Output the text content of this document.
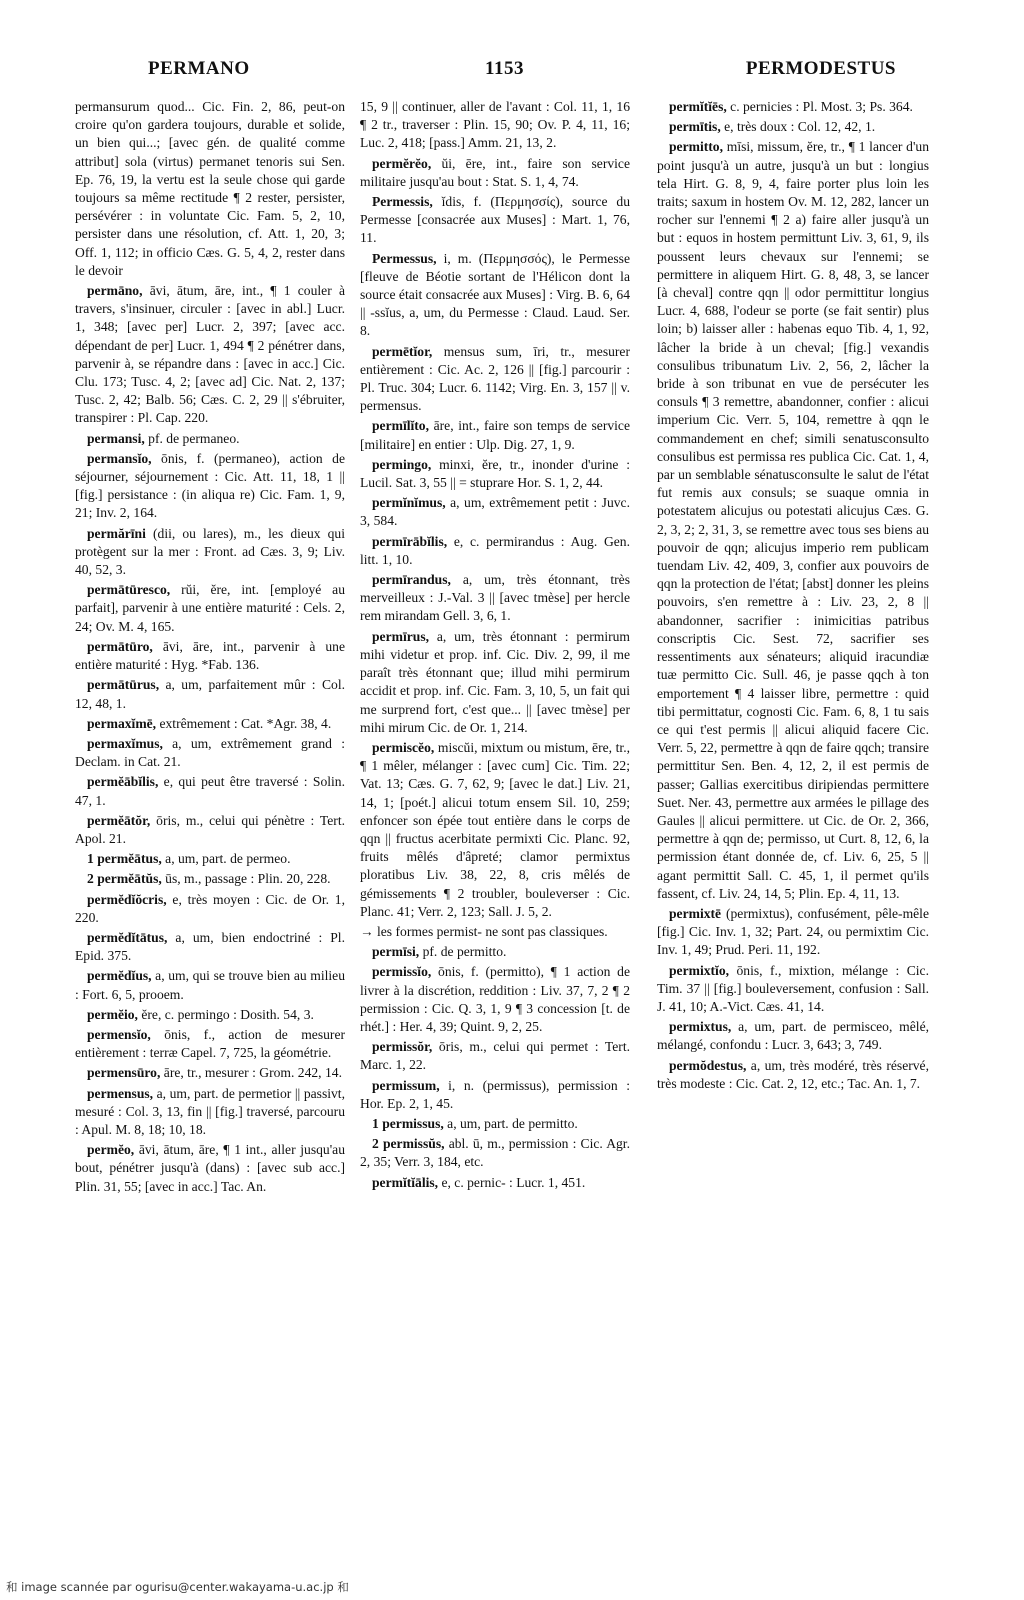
PERMANO	1153	PERMODESTUS

permansurum quod... Cic. Fin. 2, 86, peut-on croire qu'on gardera toujours, durable et solide, un bien qui...; [avec gén. de qualité comme attribut] sola (virtus) permanet tenoris sui Sen. Ep. 76, 19, la vertu est la seule chose qui garde toujours sa même rectitude ¶ 2 rester, persister, persévérer : in voluntate Cic. Fam. 5, 2, 10, persister dans une résolution, cf. Att. 1, 20, 3; Off. 1, 112; in officio Cæs. G. 5, 4, 2, rester dans le devoir

permāno, āvi, ātum, āre, int., ¶ 1 couler à travers, s'insinuer, circuler : [avec in abl.] Lucr. 1, 348; [avec per] Lucr. 2, 397; [avec acc. dépendant de per] Lucr. 1, 494 ¶ 2 pénétrer dans, parvenir à, se répandre dans : [avec in acc.] Cic. Clu. 173; Tusc. 4, 2; [avec ad] Cic. Nat. 2, 137; Tusc. 2, 42; Balb. 56; Cæs. C. 2, 29 || s'ébruiter, transpirer : Pl. Cap. 220.

permansi, pf. de permaneo.

permansĭo, ōnis, f. (permaneo), action de séjourner, séjournement : Cic. Att. 11, 18, 1 || [fig.] persistance : (in aliqua re) Cic. Fam. 1, 9, 21; Inv. 2, 164.

permărīni (dii, ou lares), m., les dieux qui protègent sur la mer : Front. ad Cæs. 3, 9; Liv. 40, 52, 3.

permātūresco, rŭi, ĕre, int. [employé au parfait], parvenir à une entière maturité : Cels. 2, 24; Ov. M. 4, 165.

permātūro, āvi, āre, int., parvenir à une entière maturité : Hyg. *Fab. 136.

permātūrus, a, um, parfaitement mûr : Col. 12, 48, 1.

permaxĭmē, extrêmement : Cat. *Agr. 38, 4.

permaxĭmus, a, um, extrêmement grand : Declam. in Cat. 21.

permĕābĭlis, e, qui peut être traversé : Solin. 47, 1.

permĕātŏr, ōris, m., celui qui pénètre : Tert. Apol. 21.

1 permĕātus, a, um, part. de permeo.

2 permĕātŭs, ūs, m., passage : Plin. 20, 228.

permĕdĭŏcris, e, très moyen : Cic. de Or. 1, 220.

permĕdĭtātus, a, um, bien endoctriné : Pl. Epid. 375.

permĕdĭus, a, um, qui se trouve bien au milieu : Fort. 6, 5, prooem.

permĕio, ĕre, c. permingo : Dosith. 54, 3.

permensĭo, ōnis, f., action de mesurer entièrement : terræ Capel. 7, 725, la géométrie.

permensūro, āre, tr., mesurer : Grom. 242, 14.

permensus, a, um, part. de permetior || passivt, mesuré : Col. 3, 13, fin || [fig.] traversé, parcouru : Apul. M. 8, 18; 10, 18.

permĕo, āvi, ātum, āre, ¶ 1 int., aller jusqu'au bout, pénétrer jusqu'à (dans) : [avec sub acc.] Plin. 31, 55; [avec in acc.] Tac. An.

15, 9 || continuer, aller de l'avant : Col. 11, 1, 16 ¶ 2 tr., traverser : Plin. 15, 90; Ov. P. 4, 11, 16; Luc. 2, 418; [pass.] Amm. 21, 13, 2.

permĕrĕo, ŭi, ēre, int., faire son service militaire jusqu'au bout : Stat. S. 1, 4, 74.

Permessis, ĭdis, f. (Περμησσίς), source du Permesse [consacrée aux Muses] : Mart. 1, 76, 11.

Permessus, i, m. (Περμησσός), le Permesse [fleuve de Béotie sortant de l'Hélicon dont la source était consacrée aux Muses] : Virg. B. 6, 64 || -ssĭus, a, um, du Permesse : Claud. Laud. Ser. 8.

permētĭor, mensus sum, īri, tr., mesurer entièrement : Cic. Ac. 2, 126 || [fig.] parcourir : Pl. Truc. 304; Lucr. 6. 1142; Virg. En. 3, 157 || v. permensus.

permīlĭto, āre, int., faire son temps de service [militaire] en entier : Ulp. Dig. 27, 1, 9.

permingo, minxi, ĕre, tr., inonder d'urine : Lucil. Sat. 3, 55 || = stuprare Hor. S. 1, 2, 44.

permĭnĭmus, a, um, extrêmement petit : Juvc. 3, 584.

permīrābĭlis, e, c. permirandus : Aug. Gen. litt. 1, 10.

permīrandus, a, um, très étonnant, très merveilleux : J.-Val. 3 || [avec tmèse] per hercle rem mirandam Gell. 3, 6, 1.

permīrus, a, um, très étonnant : permirum mihi videtur et prop. inf. Cic. Div. 2, 99, il me paraît très étonnant que; illud mihi permirum accidit et prop. inf. Cic. Fam. 3, 10, 5, un fait qui me surprend fort, c'est que... || [avec tmèse] per mihi mirum Cic. de Or. 1, 214.

permiscĕo, miscŭi, mixtum ou mistum, ēre, tr., ¶ 1 mêler, mélanger : [avec cum] Cic. Tim. 22; Vat. 13; Cæs. G. 7, 62, 9; [avec le dat.] Liv. 21, 14, 1; [poét.] alicui totum ensem Sil. 10, 259; enfoncer son épée tout entière dans le corps de qqn || fructus acerbitate permixti Cic. Planc. 92, fruits mêlés d'âpreté; clamor permixtus ploratibus Liv. 38, 22, 8, cris mêlés de gémissements ¶ 2 troubler, bouleverser : Cic. Planc. 41; Verr. 2, 123; Sall. J. 5, 2.

→ les formes permist- ne sont pas classiques.

permīsi, pf. de permitto.

permissĭo, ōnis, f. (permitto), ¶ 1 action de livrer à la discrétion, reddition : Liv. 37, 7, 2 ¶ 2 permission : Cic. Q. 3, 1, 9 ¶ 3 concession [t. de rhét.] : Her. 4, 39; Quint. 9, 2, 25.

permissŏr, ōris, m., celui qui permet : Tert. Marc. 1, 22.

permissum, i, n. (permissus), permission : Hor. Ep. 2, 1, 45.

1 permissus, a, um, part. de permitto.

2 permissŭs, abl. ū, m., permission : Cic. Agr. 2, 35; Verr. 3, 184, etc.

permĭtĭālis, e, c. pernic- : Lucr. 1, 451.

permĭtĭēs, c. pernicies : Pl. Most. 3; Ps. 364.

permītis, e, très doux : Col. 12, 42, 1.

permitto, mīsi, missum, ĕre, tr., ¶ 1 lancer d'un point jusqu'à un autre, jusqu'à un but : longius tela Hirt. G. 8, 9, 4, faire porter plus loin les traits; saxum in hostem Ov. M. 12, 282, lancer un rocher sur l'ennemi ¶ 2 a) faire aller jusqu'à un but : equos in hostem permittunt Liv. 3, 61, 9, ils poussent leurs chevaux sur l'ennemi; se permittere in aliquem Hirt. G. 8, 48, 3, se lancer [à cheval] contre qqn || odor permittitur longius Lucr. 4, 688, l'odeur se porte (se fait sentir) plus loin; b) laisser aller : habenas equo Tib. 4, 1, 92, lâcher la bride à un cheval; [fig.] vexandis consulibus tribunatum Liv. 2, 56, 2, lâcher la bride à son tribunat en vue de persécuter les consuls ¶ 3 remettre, abandonner, confier : alicui imperium Cic. Verr. 5, 104, remettre à qqn le commandement en chef; simili senatusconsulto consulibus est permissa res publica Cic. Cat. 1, 4, par un semblable sénatusconsulte le salut de l'état fut remis aux consuls; se suaque omnia in potestatem alicujus ou potestati alicujus Cæs. G. 2, 3, 2; 2, 31, 3, se remettre avec tous ses biens au pouvoir de qqn; alicujus imperio rem publicam tuendam Liv. 42, 409, 3, confier aux pouvoirs de qqn la protection de l'état; [abst] donner les pleins pouvoirs, s'en remettre à : Liv. 23, 2, 8 || abandonner, sacrifier : inimicitias patribus conscriptis Cic. Sest. 72, sacrifier ses ressentiments aux sénateurs; aliquid iracundiæ tuæ permitto Cic. Sull. 46, je passe qqch à ton emportement ¶ 4 laisser libre, permettre : quid tibi permittatur, cognosti Cic. Fam. 6, 8, 1 tu sais ce qui t'est permis || alicui aliquid facere Cic. Verr. 5, 22, permettre à qqn de faire qqch; transire permittitur Sen. Ben. 4, 12, 2, il est permis de passer; Gallias exercitibus diripiendas permittere Suet. Ner. 43, permettre aux armées le pillage des Gaules || alicui permittere. ut Cic. de Or. 2, 366, permettre à qqn de; permisso, ut Curt. 8, 12, 6, la permission étant donnée de, cf. Liv. 6, 25, 5 || agant permittit Sall. C. 45, 1, il permet qu'ils fassent, cf. Liv. 24, 14, 5; Plin. Ep. 4, 11, 13.

permixtē (permixtus), confusément, pêle-mêle [fig.] Cic. Inv. 1, 32; Part. 24, ou permixtim Cic. Inv. 1, 49; Prud. Peri. 11, 192.

permixtĭo, ōnis, f., mixtion, mélange : Cic. Tim. 37 || [fig.] bouleversement, confusion : Sall. J. 41, 10; A.-Vict. Cæs. 41, 14.

permixtus, a, um, part. de permisceo, mêlé, mélangé, confondu : Lucr. 3, 643; 3, 749.

permŏdestus, a, um, très modéré, très réservé, très modeste : Cic. Cat. 2, 12, etc.; Tac. An. 1, 7.

和 image scannée par ogurisu@center.wakayama-u.ac.jp 和
